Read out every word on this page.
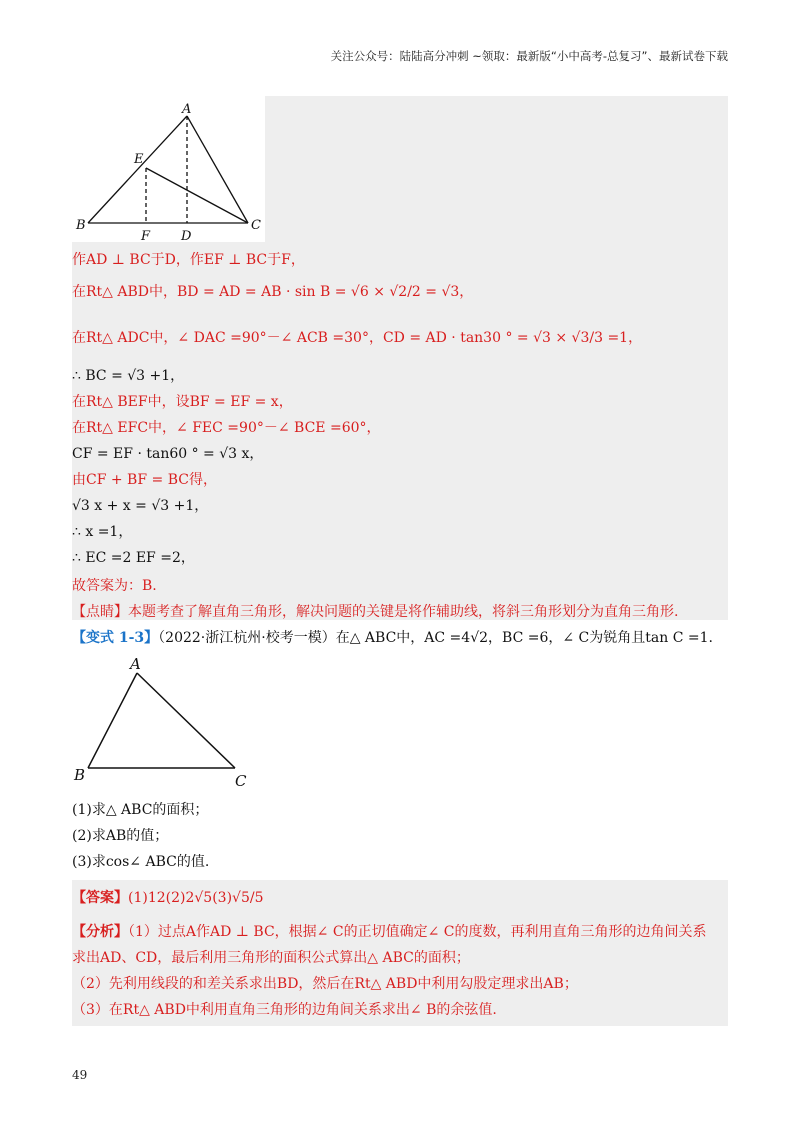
关注公众号：陆陆高分冲刺 ~领取：最新版“小中高考-总复习”、最新试卷下载
A
E
B	C
F D
作AD ⊥ BC于D，作EF ⊥ BC于F，
在Rt△ ABD中，BD = AD = AB · sin B = √6 × √2/2 = √3，
在Rt△ ADC中，∠ DAC =90°－∠ ACB =30°，CD = AD · tan30 ° = √3 × √3/3 =1，
∴ BC = √3 +1，
在Rt△ BEF中，设BF = EF = x，
在Rt△ EFC中，∠ FEC =90°－∠ BCE =60°，
CF = EF · tan60 ° = √3 x，
由CF + BF = BC得，
√3 x + x = √3 +1，
∴ x =1，
∴ EC =2 EF =2，
故答案为：B.
【点睛】本题考查了解直角三角形，解决问题的关键是将作辅助线，将斜三角形划分为直角三角形.
【变式 1-3】（2022·浙江杭州·校考一模）在△ ABC中，AC =4√2，BC =6，∠ C为锐角且tan C =1.
A
B	C
(1)求△ ABC的面积；
(2)求AB的值；
(3)求cos∠ ABC的值.
【答案】(1)12(2)2√5(3)√5/5
【分析】（1）过点A作AD ⊥ BC，根据∠ C的正切值确定∠ C的度数，再利用直角三角形的边角间关系
求出AD、CD，最后利用三角形的面积公式算出△ ABC的面积；
（2）先利用线段的和差关系求出BD，然后在Rt△ ABD中利用勾股定理求出AB；
（3）在Rt△ ABD中利用直角三角形的边角间关系求出∠ B的余弦值.
49
